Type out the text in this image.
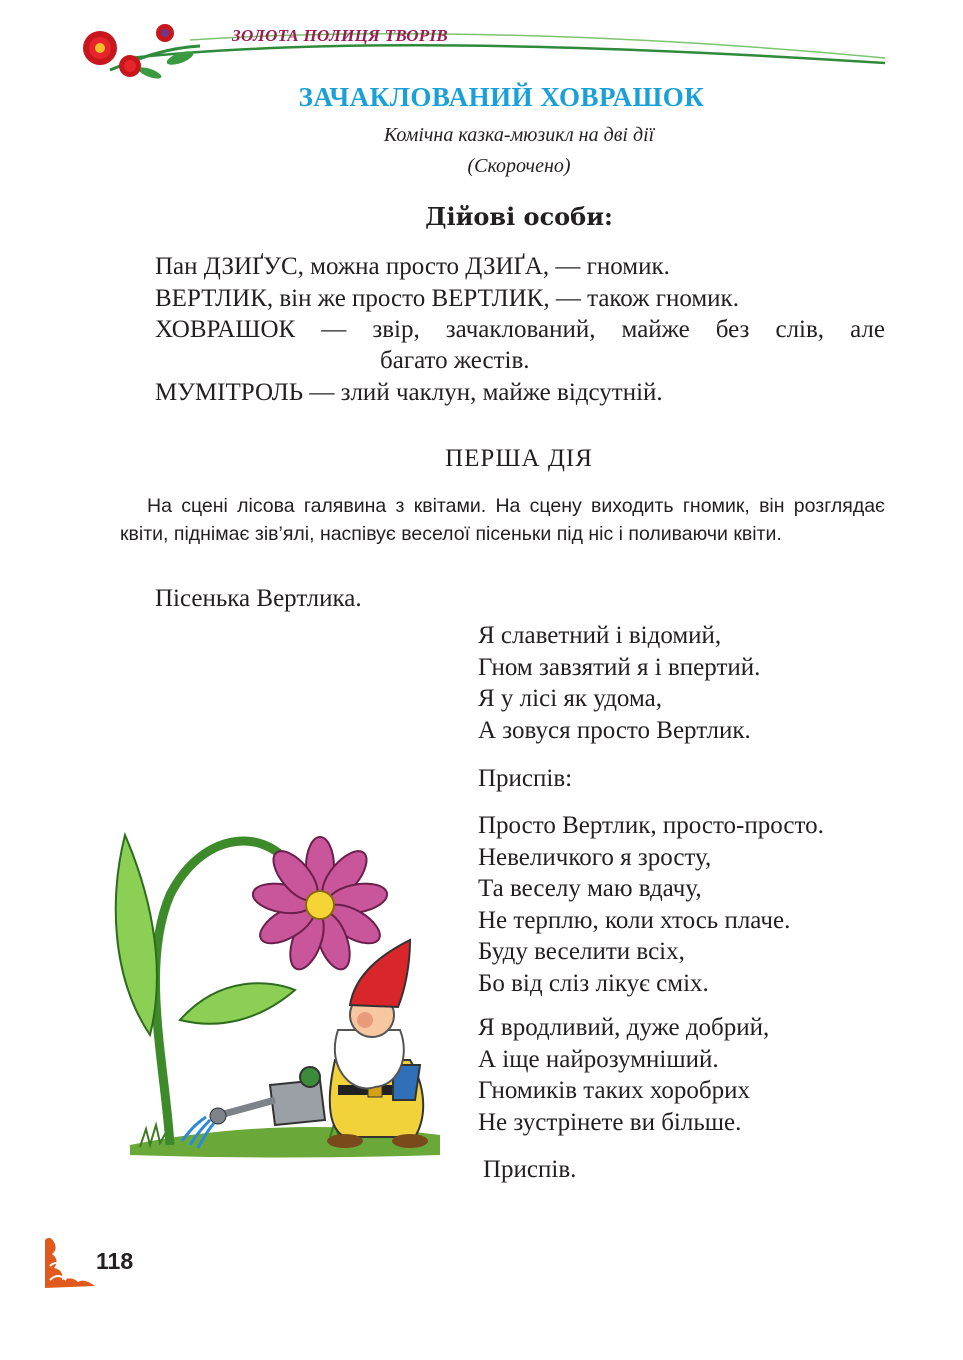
ЗОЛОТА ПОЛИЦЯ ТВОРІВ
ЗАЧАКЛОВАНИЙ ХОВРАШОК
Комічна казка-мюзикл на дві дії
(Скорочено)
Дійові особи:
Пан ДЗИҐУС, можна просто ДЗИҐА, — гномик.
ВЕРТЛИК, він же просто ВЕРТЛИК, — також гномик.
ХОВРАШОК — звір, зачаклований, майже без слів, але
багато жестів.
МУМІТРОЛЬ — злий чаклун, майже відсутній.
ПЕРША ДІЯ
На сцені лісова галявина з квітами. На сцену виходить гномик, він розглядає квіти, піднімає зів’ялі, наспівує веселої пісеньки під ніс і поливаючи квіти.
Пісенька Вертлика.
Я славетний і відомий,
Гном завзятий я і впертий.
Я у лісі як удома,
А зовуся просто Вертлик.
Приспів:
Просто Вертлик, просто-просто.
Невеличкого я зросту,
Та веселу маю вдачу,
Не терплю, коли хтось плаче.
Буду веселити всіх,
Бо від сліз лікує сміх.
Я вродливий, дуже добрий,
А іще найрозумніший.
Гномиків таких хоробрих
Не зустрінете ви більше.
Приспів.
118
